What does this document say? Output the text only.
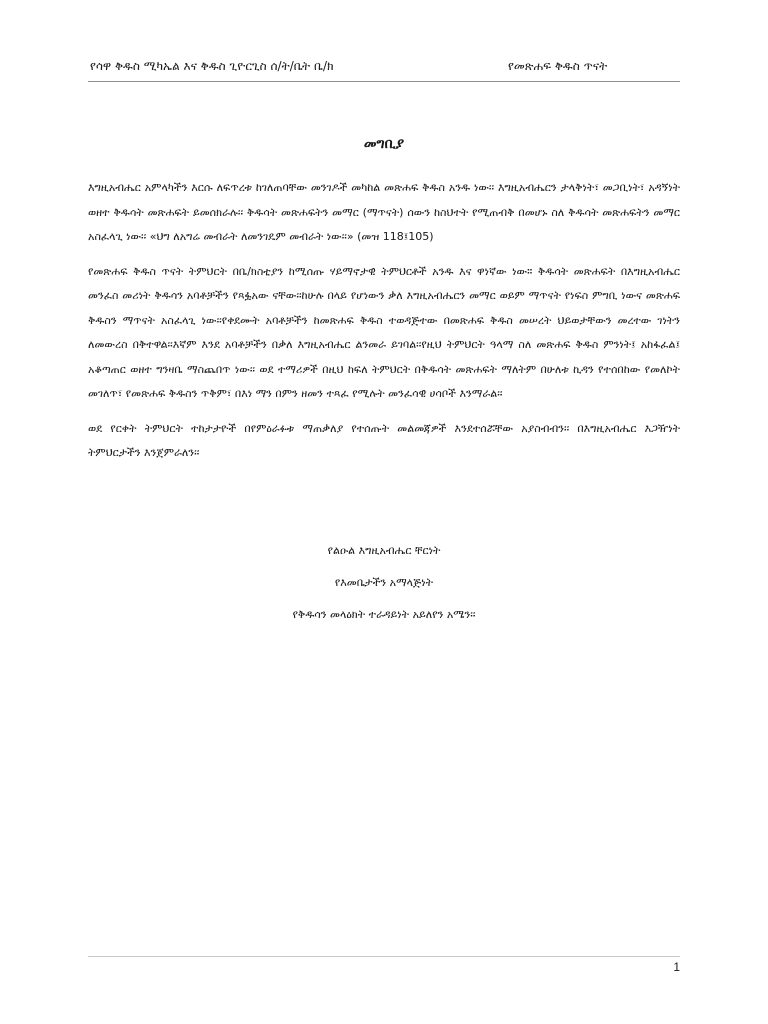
የሳዋ ቅዱስ ሚካኤል እና ቅዱስ ጊዮርጊስ ሰ/ት/ቤት ቤ/ክ	የመጽሐፍ ቅዱስ ጥናት
መግቢያ

እግዚአብሔር አምላካችን እርሱ ለፍጥረቱ ከገለጠባቸው መንገዶች መካከል መጽሐፍ ቅዱስ አንዱ ነው፡፡ እግዚአብሔርን ታላቅነት፣ መጋቢነት፣ አዳኝነት ወዘተ ቅዱሳት መጽሐፍት ይመሰክራሉ፡፡ ቅዱሳት መጽሐፍትን መማር (ማጥናት) ሰውን ከስህተት የሚጠብቅ በመሆኑ ስለ ቅዱሳት መጽሐፍትን መማር አስፈላጊ ነው፡፡ «ህግ ለአግሬ መብራት ለመንገዴም መብራት ነው፡፡» (መዝ 118፤105)

የመጽሐፍ ቅዱስ ጥናት ትምህርት በቤ/ክስቲያን ከሚሰጡ ሃይማኖታዊ ትምህርቶች አንዱ እና ዋነኛው ነው። ቅዱሳት መጽሐፍት በእግዚአብሔር መንፈስ መሪነት ቅዱሳን አባቶቻችን የጻፏአው ናቸው፡፡ከሁሉ በላይ የሆነውን ቃለ እግዚአብሔርን መማር ወይም ማጥናት የነፍስ ምግቢ ነውና መጽሐፍ ቅዱስን ማጥናት አስፈላጊ ነው፡፡የቀደሙት አባቶቻችን ከመጽሐፍ ቅዱስ ተወዳጅተው በመጽሐፍ ቅዱስ መሠረት ህይወታቸውን መረተው ገነትን ለመውረስ በቅተዋል፡፡እኛም እንደ አባቶቻችን በቃለ እግዚአብሔር ልንመራ ይገባል፡፡የዚህ ትምህርት ዓላማ ስለ መጽሐፍ ቅዱስ ምንነት፤ አከፋፈል፤ አቆጣጠር ወዘተ ግንዛቤ ማስጨበጥ ነው፡፡ ወደ ተማሪዎች በዚህ ከፍለ ትምህርት በቅዱሳት መጽሐፍት ማለትም በሁለቱ ኪዳን የተሰበከው የመለኮት መገለጥ፣ የመጽሐፍ ቅዱስን ጥቅም፣ በእነ ማን በምን ዘመን ተጻፈ የሚሉት መንፈሳዊ ሀሳቦች እንማራል፡፡

ወደ የርቀት ትምህርት ተከታታዮች በየምዕራፉቱ ማጠቃለያ የተሰጡት መልመጃዎች እንደተሰሯቸው አያስብብን፡፡ በእግዚአብሔር እጋዥነት ትምህርታችን እንጀምራለን፡፡

የልዑል እግዚአብሔር ቸርነት
የእመቤታችን አማላጅነት
የቅዱሳን መላዕክት ተራዳይነት አይለየን አሜን፡፡
1
